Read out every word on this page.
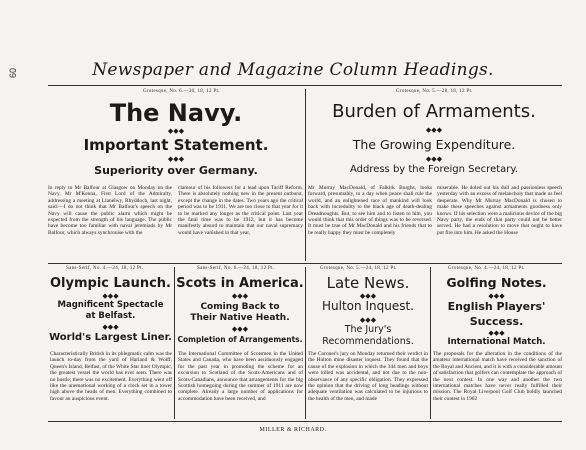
60	Newspaper and Magazine Column Headings.
Grotesque, No. 6.—30, 18, 12 Pt.
The Navy.
◆◆◆
Important Statement.
◆◆◆
Superiority over Germany.
In reply to Mr Balfour at Glasgow on Monday on the Navy, Mr M'Kenna, First Lord of the Admiralty, addressing a meeting at Llanelwy, Rhyddoch, last night, said:—I do not think that Mr Balfour's speech on the Navy will cause the public alarm which might be expected from the strength of his language. The public have become too familiar with naval jeremiads by Mr Balfour, which always synchronise with the
clamour of his followers for a lead upon Tariff Reform. There is absolutely nothing new in the present outburst, except the change in the dates. Two years ago the critical period was to be 1911. We are too close to that year for it to be marked any longer as the critical point. Last year the fatal time was to be 1912, but it has become manifestly absurd to maintain that our naval supremacy would have vanished in that year,
Grotesque, No. 5.—28, 18, 12 Pt.
Burden of Armaments.
◆◆◆
The Growing Expenditure.
◆◆◆
Address by the Foreign Secretary.
Mr Murray MacDonald, of Falkirk Burghs, looks forward, presumably, to a day when peace shall rule the world, and an enlightened race of mankind will look back with incredulity to the black age of death-dealing Dreadnoughts. But, to see him and to listen to him, you would think that this order of things was to be reversed. It must be true of Mr MacDonald and his friends that to be really happy they must be completely
miserable. He doled out his dull and passionless speech yesterday with an excess of melancholy that made us feel desperate. Why Mr Murray MacDonald is chosen to make these speeches against armaments goodness only knows. If his selection were a malicious device of the big Navy party, the ends of that party could not be better served. He had a resolution to move that ought to have put fire into him. He asked the House
Sans-Serif, No. 4.—24, 18, 12 Pt.
Olympic Launch.
◆◆◆
Magnificent Spectacle
at Belfast.
◆◆◆
World's Largest Liner.
Characteristically British in its phlegmatic calm was the launch to-day from the yard of Harland & Wolff, Queen's Island, Belfast, of the White Star liner Olympic, the greatest vessel the world has ever seen. There was no bustle; there was no excitement. Everything went off like the unemotional working of a clock set in a tower high above the heads of men. Everything combined to favour an auspicious event.
Sans-Serif, No. 6.—24, 18, 12 Pt.
Scots in America.
◆◆◆
Coming Back to
Their Native Heath.
◆◆◆
Completion of Arrangements.
The International Committee of Scotsmen in the United States and Canada, who have been assiduously engaged for the past year in promoting the scheme for an excursion to Scotland of the Scots-Americans and of Scots-Canadians, announce that arrangements for the big Scottish homegoing during the summer of 1911 are now complete. Already a large number of applications for accommodation have been received, and
Grotesque, No. 5.—24, 18, 12 Pt.
Late News.
◆◆◆
Hulton Inquest.
◆◆◆
The Jury's
Recommendations.
The Coroner's jury on Monday returned their verdict in the Hulton mine disaster inquest. They found that the cause of the explosion in which the 344 men and boys were killed was accidental, and not due to the non-observance of any specific obligation. They expressed the opinion that the driving of long headings without adequate ventilation was calculated to be injurious to the health of the men, and made
Grotesque, No. 4.—24, 18, 12 Pt.
Golfing Notes.
◆◆◆
English Players'
Success.
◆◆◆
International Match.
The proposals for the alteration in the conditions of the amateur international match have received the sanction of the Royal and Ancient, and it is with a considerable amount of satisfaction that golfers can contemplate the approach of the next contest. In one way and another the two international matches have never really fulfilled their mission. The Royal Liverpool Golf Club boldly launched their contest in 1902
MILLER & RICHARD.
